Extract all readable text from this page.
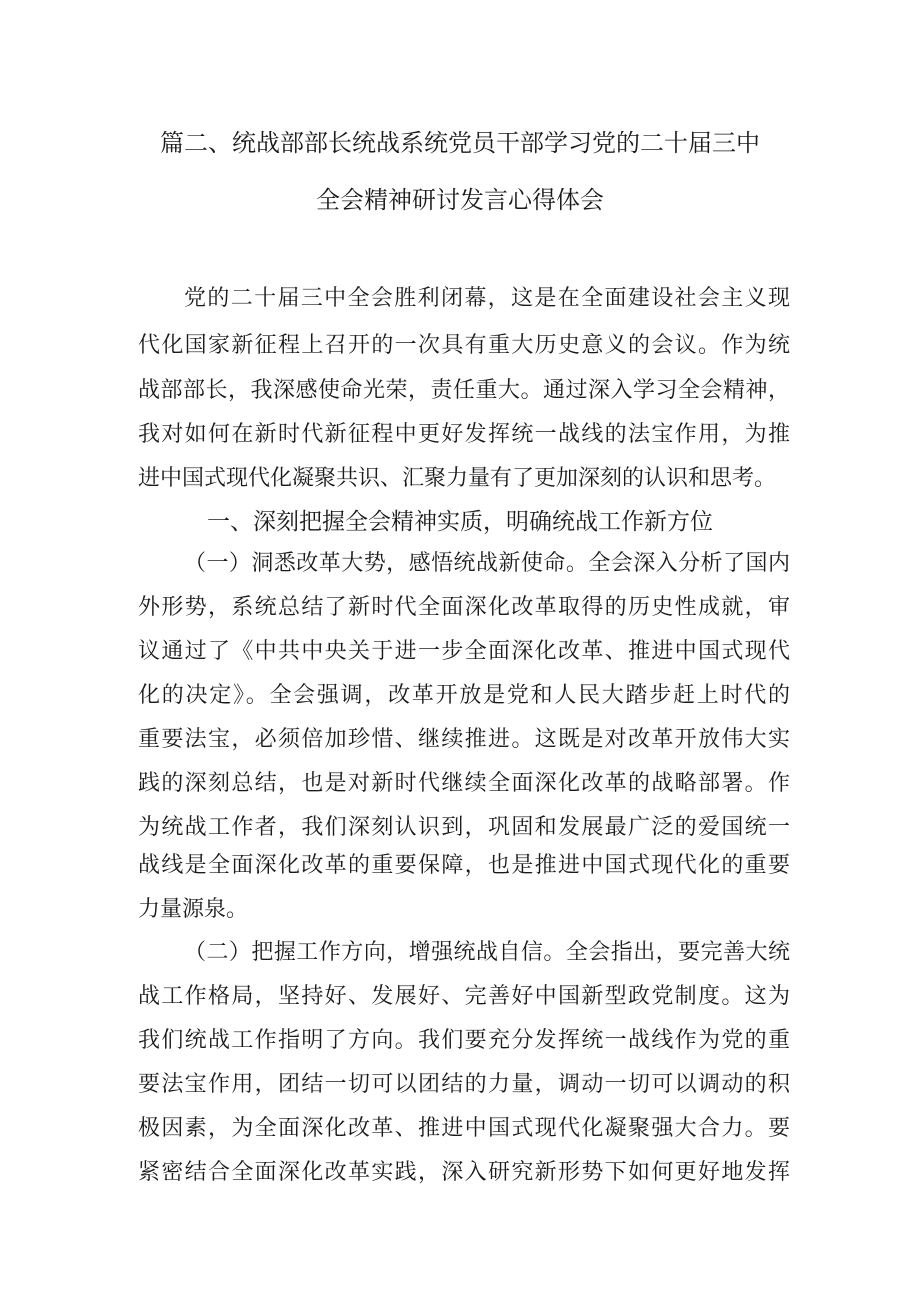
篇二、统战部部长统战系统党员干部学习党的二十届三中
全会精神研讨发言心得体会
党的二十届三中全会胜利闭幕，这是在全面建设社会主义现
代化国家新征程上召开的一次具有重大历史意义的会议。作为统
战部部长，我深感使命光荣，责任重大。通过深入学习全会精神，
我对如何在新时代新征程中更好发挥统一战线的法宝作用，为推
进中国式现代化凝聚共识、汇聚力量有了更加深刻的认识和思考。
一、深刻把握全会精神实质，明确统战工作新方位
（一）洞悉改革大势，感悟统战新使命。全会深入分析了国内
外形势，系统总结了新时代全面深化改革取得的历史性成就，审
议通过了《中共中央关于进一步全面深化改革、推进中国式现代
化的决定》。全会强调，改革开放是党和人民大踏步赶上时代的
重要法宝，必须倍加珍惜、继续推进。这既是对改革开放伟大实
践的深刻总结，也是对新时代继续全面深化改革的战略部署。作
为统战工作者，我们深刻认识到，巩固和发展最广泛的爱国统一
战线是全面深化改革的重要保障，也是推进中国式现代化的重要
力量源泉。
（二）把握工作方向，增强统战自信。全会指出，要完善大统
战工作格局，坚持好、发展好、完善好中国新型政党制度。这为
我们统战工作指明了方向。我们要充分发挥统一战线作为党的重
要法宝作用，团结一切可以团结的力量，调动一切可以调动的积
极因素，为全面深化改革、推进中国式现代化凝聚强大合力。要
紧密结合全面深化改革实践，深入研究新形势下如何更好地发挥
